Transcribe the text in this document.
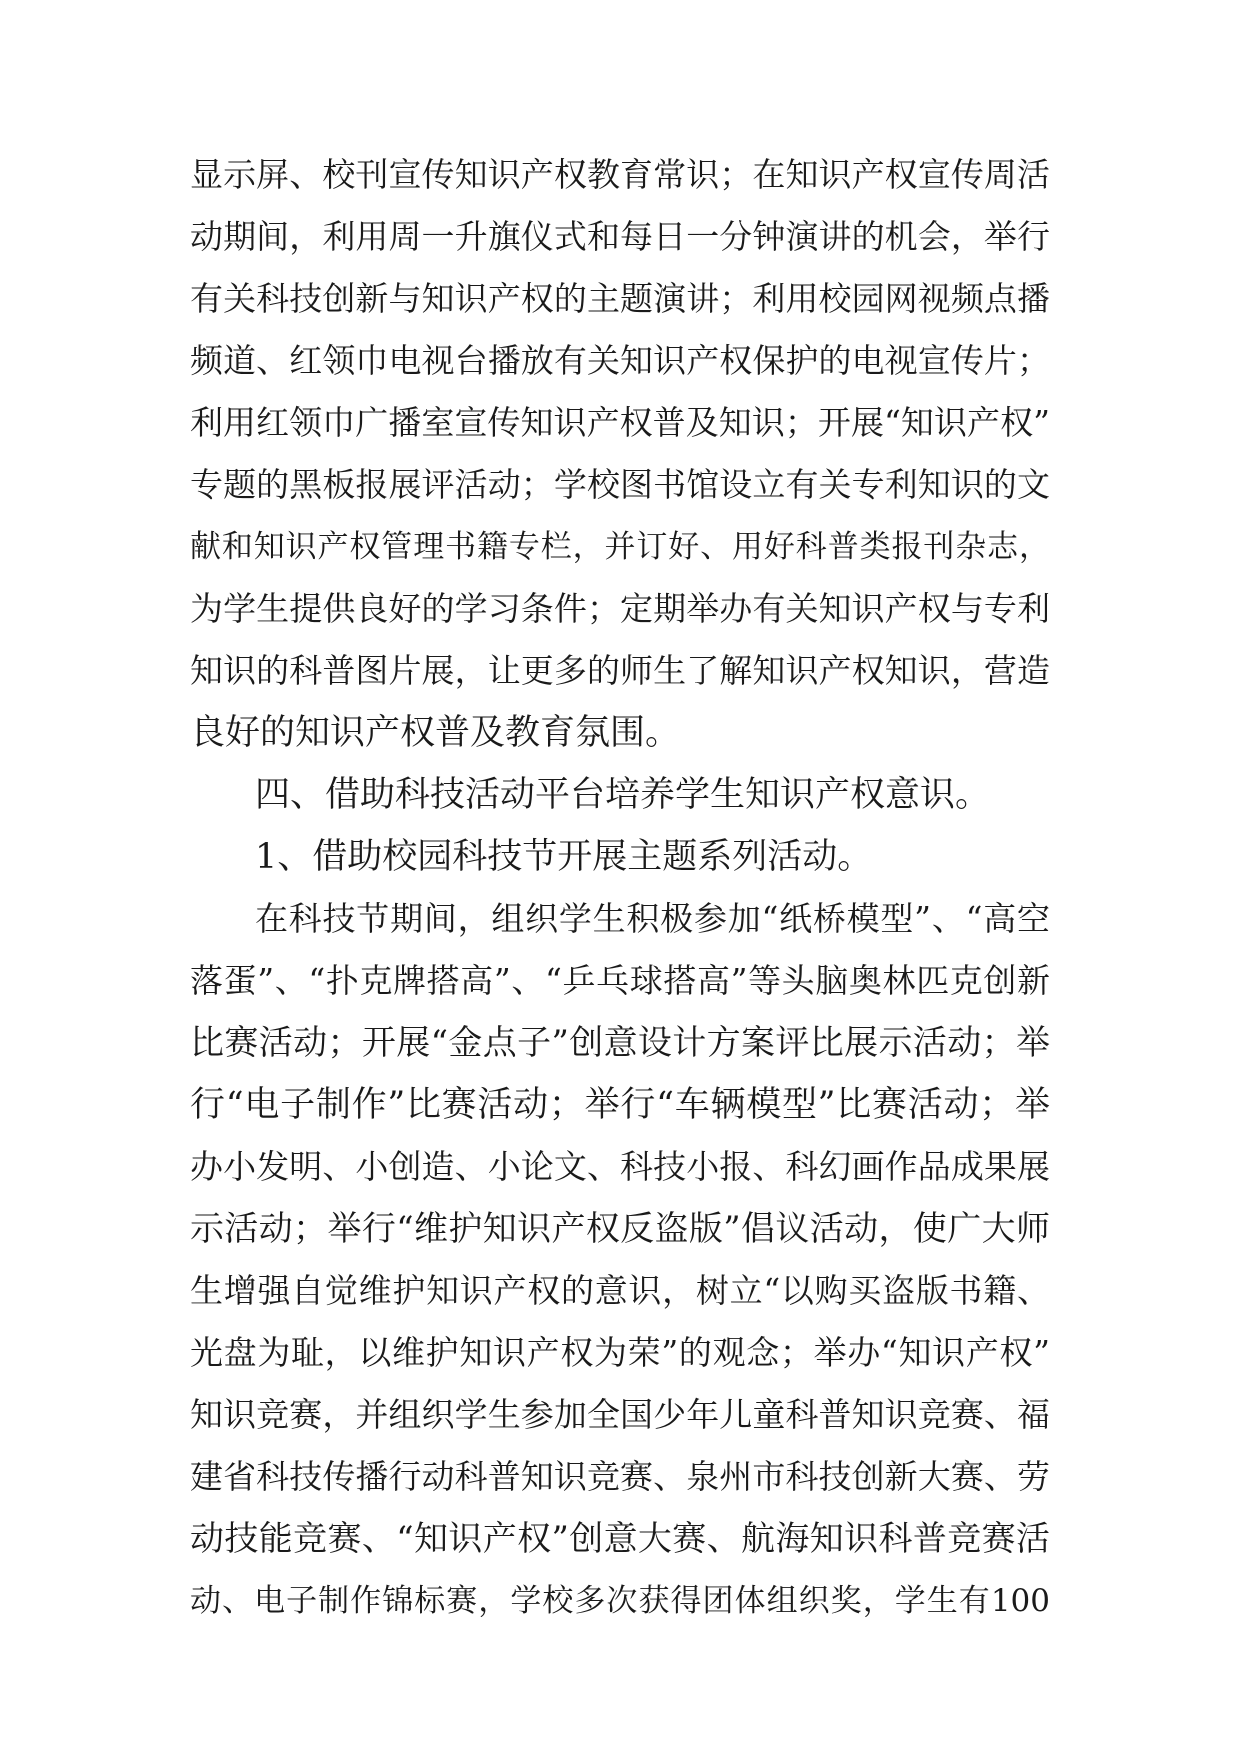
显示屏、校刊宣传知识产权教育常识；在知识产权宣传周活
动期间，利用周一升旗仪式和每日一分钟演讲的机会，举行
有关科技创新与知识产权的主题演讲；利用校园网视频点播
频道、红领巾电视台播放有关知识产权保护的电视宣传片；
利用红领巾广播室宣传知识产权普及知识；开展“知识产权”
专题的黑板报展评活动；学校图书馆设立有关专利知识的文
献和知识产权管理书籍专栏，并订好、用好科普类报刊杂志，
为学生提供良好的学习条件；定期举办有关知识产权与专利
知识的科普图片展，让更多的师生了解知识产权知识，营造
良好的知识产权普及教育氛围。
四、借助科技活动平台培养学生知识产权意识。
1、借助校园科技节开展主题系列活动。
在科技节期间，组织学生积极参加“纸桥模型”、“高空
落蛋”、“扑克牌搭高”、“乒乓球搭高”等头脑奥林匹克创新
比赛活动；开展“金点子”创意设计方案评比展示活动；举
行“电子制作”比赛活动；举行“车辆模型”比赛活动；举
办小发明、小创造、小论文、科技小报、科幻画作品成果展
示活动；举行“维护知识产权反盗版”倡议活动，使广大师
生增强自觉维护知识产权的意识，树立“以购买盗版书籍、
光盘为耻，以维护知识产权为荣”的观念；举办“知识产权”
知识竞赛，并组织学生参加全国少年儿童科普知识竞赛、福
建省科技传播行动科普知识竞赛、泉州市科技创新大赛、劳
动技能竞赛、“知识产权”创意大赛、航海知识科普竞赛活
动、电子制作锦标赛，学校多次获得团体组织奖，学生有100
